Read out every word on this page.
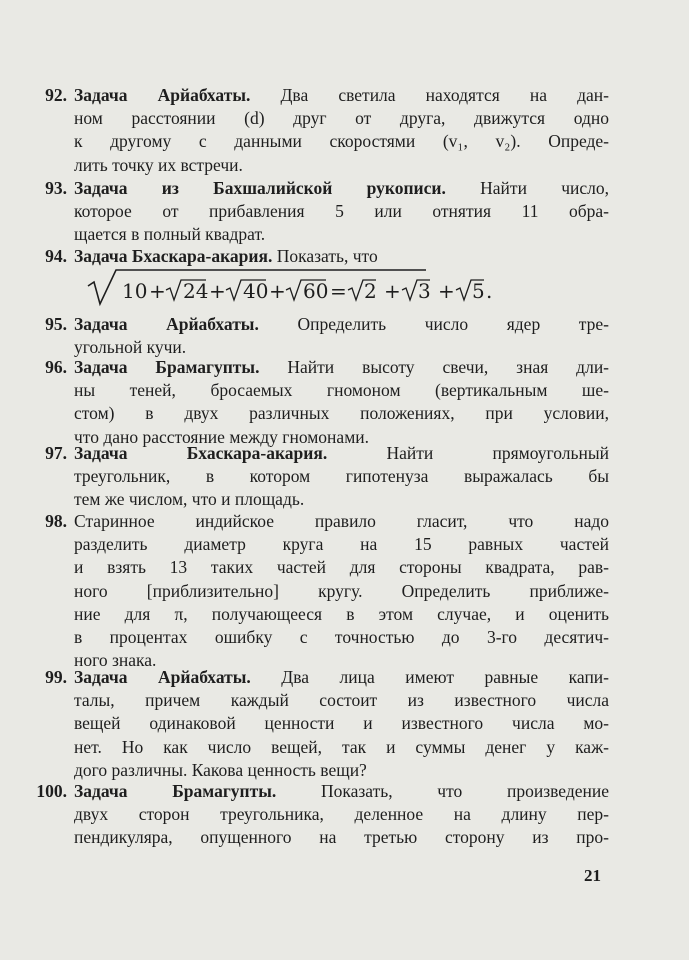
92. Задача Арйабхаты. Два светила находятся на дан-
ном расстоянии (d) друг от друга, движутся одно
к другому с данными скоростями (v₁, v₂). Опреде-
лить точку их встречи.
93. Задача из Бахшалийской рукописи. Найти число,
которое от прибавления 5 или отнятия 11 обра-
щается в полный квадрат.
94. Задача Бхаскара-акария. Показать, что
10 + 24 + 40 + 60 = 2 + 3 + 5 .
95. Задача Арйабхаты. Определить число ядер тре-
угольной кучи.
96. Задача Брамагупты. Найти высоту свечи, зная дли-
ны теней, бросаемых гномоном (вертикальным ше-
стом) в двух различных положениях, при условии,
что дано расстояние между гномонами.
97. Задача Бхаскара-акария.	Найти прямоугольный
треугольник, в котором гипотенуза выражалась бы
тем же числом, что и площадь.
98. Старинное индийское правило гласит, что надо
разделить диаметр круга на 15 равных частей
и взять 13 таких частей для стороны квадрата, рав-
ного [приблизительно] кругу. Определить приближе-
ние для π, получающееся в этом случае, и оценить
в процентах ошибку с точностью до 3-го десятич-
ного знака.
99. Задача Арйабхаты. Два лица имеют равные капи-
талы, причем каждый состоит из известного числа
вещей одинаковой ценности и известного числа мо-
нет. Но как число вещей, так и суммы денег у каж-
дого различны. Какова ценность вещи?
100. Задача Брамагупты.	Показать, что произведение
двух сторон треугольника, деленное на длину пер-
пендикуляра, опущенного на третью сторону из про-
21
